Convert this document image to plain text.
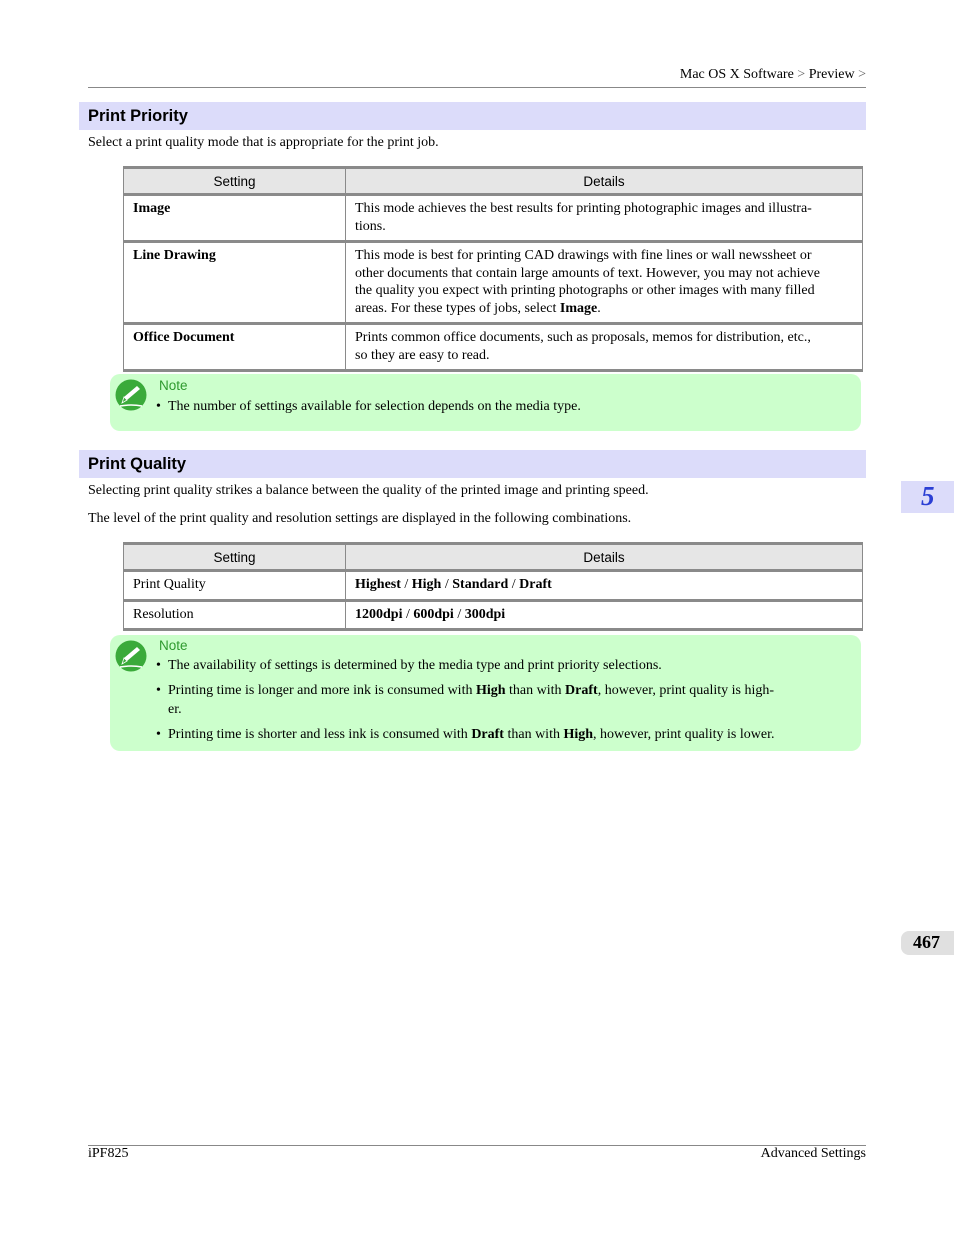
Mac OS X Software > Preview >
Print Priority
Select a print quality mode that is appropriate for the print job.
Setting	Details
Image	This mode achieves the best results for printing photographic images and illustra-
tions.
Line Drawing	This mode is best for printing CAD drawings with fine lines or wall newssheet or
other documents that contain large amounts of text. However, you may not achieve
the quality you expect with printing photographs or other images with many filled
areas. For these types of jobs, select Image.
Office Document	Prints common office documents, such as proposals, memos for distribution, etc.,
so they are easy to read.
Note
• The number of settings available for selection depends on the media type.
Print Quality
Selecting print quality strikes a balance between the quality of the printed image and printing speed.
The level of the print quality and resolution settings are displayed in the following combinations.
Setting	Details
Print Quality	Highest / High / Standard / Draft
Resolution	1200dpi / 600dpi / 300dpi
Note
• The availability of settings is determined by the media type and print priority selections.
• Printing time is longer and more ink is consumed with High than with Draft, however, print quality is high-
er.
• Printing time is shorter and less ink is consumed with Draft than with High, however, print quality is lower.
5
467
iPF825	Advanced Settings
